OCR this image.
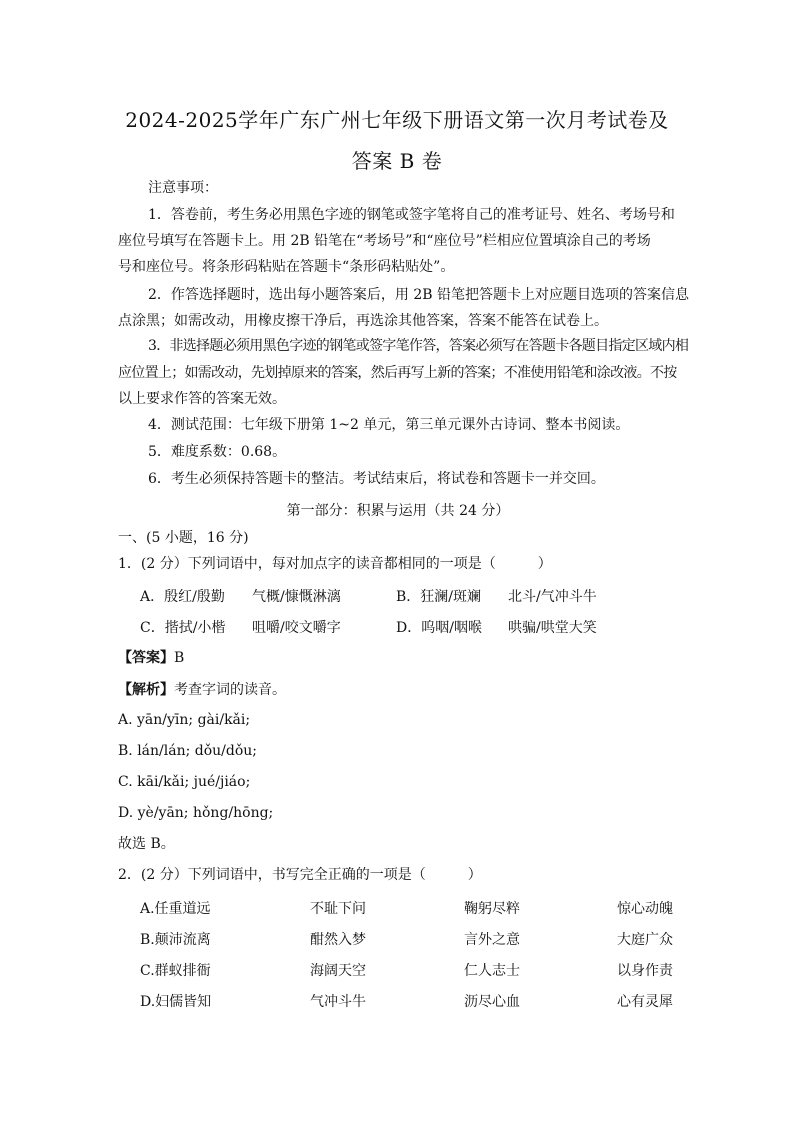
2024-2025学年广东广州七年级下册语文第一次月考试卷及
答案 B 卷
注意事项：
1．答卷前，考生务必用黑色字迹的钢笔或签字笔将自己的准考证号、姓名、考场号和
座位号填写在答题卡上。用 2B 铅笔在“考场号”和“座位号”栏相应位置填涂自己的考场
号和座位号。将条形码粘贴在答题卡“条形码粘贴处”。
2．作答选择题时，选出每小题答案后，用 2B 铅笔把答题卡上对应题目选项的答案信息
点涂黑；如需改动，用橡皮擦干净后，再选涂其他答案，答案不能答在试卷上。
3．非选择题必须用黑色字迹的钢笔或签字笔作答，答案必须写在答题卡各题目指定区域内相
应位置上；如需改动，先划掉原来的答案，然后再写上新的答案；不准使用铅笔和涂改液。不按
以上要求作答的答案无效。
4．测试范围：七年级下册第 1~2 单元，第三单元课外古诗词、整本书阅读。
5．难度系数：0.68。
6．考生必须保持答题卡的整洁。考试结束后，将试卷和答题卡一并交回。
第一部分：积累与运用（共 24 分）
一、(5 小题，16 分)
1．(2 分）下列词语中，每对加点字的读音都相同的一项是（　　　）
A．殷红/殷勤 气概/慷慨淋漓	B．狂澜/斑斓 北斗/气冲斗牛
C．揩拭/小楷 咀嚼/咬文嚼字	D．呜咽/咽喉 哄骗/哄堂大笑
【答案】B
【解析】考查字词的读音。
A. yān/yīn; gài/kǎi;
B. lán/lán; dǒu/dǒu;
C. kāi/kǎi; jué/jiáo;
D. yè/yān; hǒng/hōng;
故选 B。
2．(2 分）下列词语中，书写完全正确的一项是（　　　）
A.任重道远	不耻下问	鞠躬尽粹	惊心动魄
B.颠沛流离	酣然入梦	言外之意	大庭广众
C.群蚁排衙	海阔天空	仁人志士	以身作责
D.妇儒皆知	气冲斗牛	沥尽心血	心有灵犀
